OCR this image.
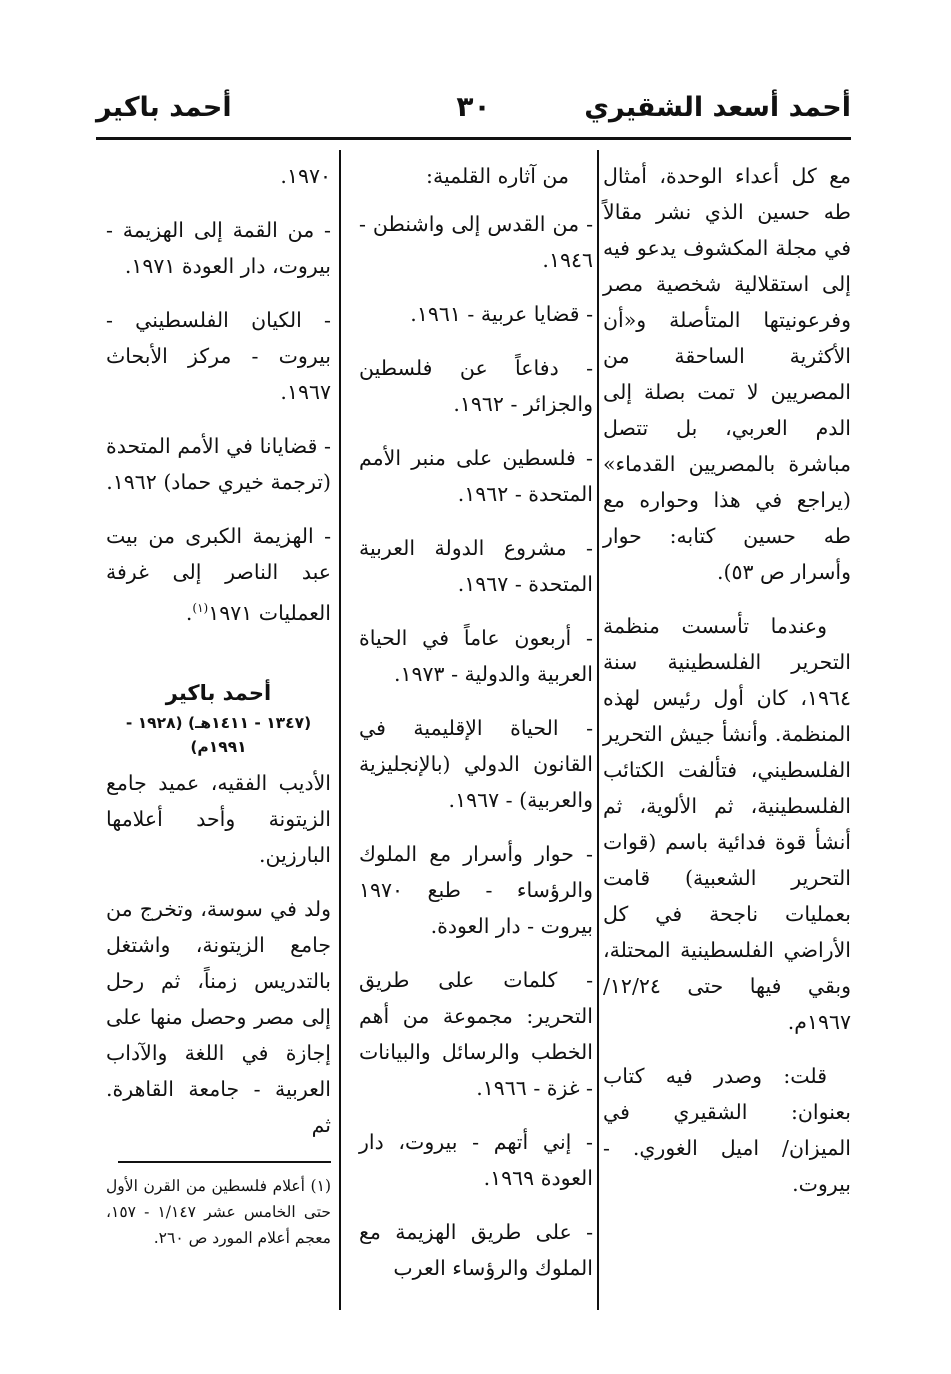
أحمد أسعد الشقيري
٣٠
أحمد باكير

مع كل أعداء الوحدة، أمثال طه حسين الذي نشر مقالاً في مجلة المكشوف يدعو فيه إلى استقلالية شخصية مصر وفرعونيتها المتأصلة و«أن الأكثرية الساحقة من المصريين لا تمت بصلة إلى الدم العربي، بل تتصل مباشرة بالمصريين القدماء» (يراجع في هذا وحواره مع طه حسين كتابه: حوار وأسرار ص ٥٣).

وعندما تأسست منظمة التحرير الفلسطينية سنة ١٩٦٤، كان أول رئيس لهذه المنظمة. وأنشأ جيش التحرير الفلسطيني، فتألفت الكتائب الفلسطينية، ثم الألوية، ثم أنشأ قوة فدائية باسم (قوات التحرير الشعبية) قامت بعمليات ناجحة في كل الأراضي الفلسطينية المحتلة، وبقي فيها حتى ١٢/٢٤/ ١٩٦٧م.

قلت: وصدر فيه كتاب بعنوان: الشقيري في الميزان/ اميل الغوري. - بيروت.

من آثاره القلمية:

- من القدس إلى واشنطن - ١٩٤٦.

- قضايا عربية - ١٩٦١.

- دفاعاً عن فلسطين والجزائر - ١٩٦٢.

- فلسطين على منبر الأمم المتحدة - ١٩٦٢.

- مشروع الدولة العربية المتحدة - ١٩٦٧.

- أربعون عاماً في الحياة العربية والدولية - ١٩٧٣.

- الحياة الإقليمية في القانون الدولي (بالإنجليزية والعربية) - ١٩٦٧.

- حوار وأسرار مع الملوك والرؤساء - طبع ١٩٧٠ بيروت - دار العودة.

- كلمات على طريق التحرير: مجموعة من أهم الخطب والرسائل والبيانات - غزة - ١٩٦٦.

- إني أتهم - بيروت، دار العودة ١٩٦٩.

- على طريق الهزيمة مع الملوك والرؤساء العرب

١٩٧٠.

- من القمة إلى الهزيمة - بيروت، دار العودة ١٩٧١.

- الكيان الفلسطيني - بيروت - مركز الأبحاث ١٩٦٧.

- قضايانا في الأمم المتحدة (ترجمة خيري حماد) ١٩٦٢.

- الهزيمة الكبرى من بيت عبد الناصر إلى غرفة العمليات ١٩٧١$^{(١)}$.

أحمد باكير
(١٣٤٧ - ١٤١١هـ) (١٩٢٨ - ١٩٩١م)

الأديب الفقيه، عميد جامع الزيتونة وأحد أعلامها البارزين.

ولد في سوسة، وتخرج من جامع الزيتونة، واشتغل بالتدريس زمناً، ثم رحل إلى مصر وحصل منها على إجازة في اللغة والآداب العربية - جامعة القاهرة. ثم

(١) أعلام فلسطين من القرن الأول حتى الخامس عشر ١/١٤٧ - ١٥٧، معجم أعلام المورد ص ٢٦٠.
